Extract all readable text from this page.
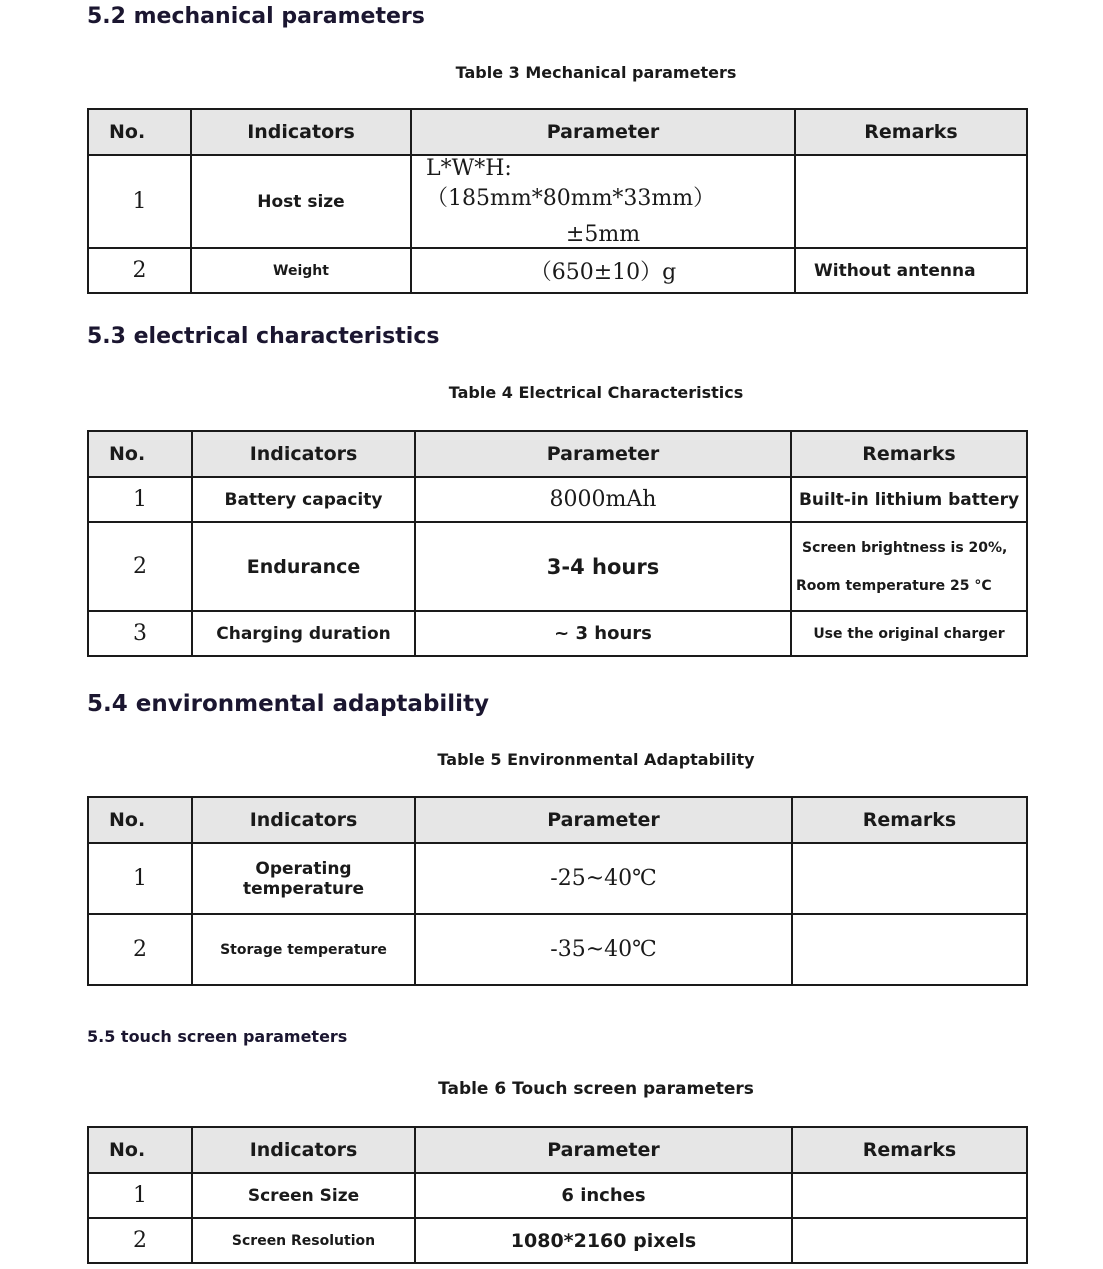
5.2 mechanical parameters
Table 3 Mechanical parameters
No.	Indicators	Parameter	Remarks
1	Host size	L*W*H: （185mm*80mm*33mm）
±5mm	

2	Weight	（650±10）g	Without antenna
5.3 electrical characteristics
Table 4 Electrical Characteristics
No.	Indicators	Parameter	Remarks
1	Battery capacity	8000mAh	Built-in lithium battery
2	Endurance	3-4 hours	Screen brightness is 20%,
Room temperature 25 °C

3	Charging duration	~ 3 hours	Use the original charger
5.4 environmental adaptability
Table 5 Environmental Adaptability
No.	Indicators	Parameter	Remarks
1	Operating
temperature	-25~40℃	
2	Storage temperature	-35~40℃	
5.5 touch screen parameters
Table 6 Touch screen parameters
No.	Indicators	Parameter	Remarks
1	Screen Size	6 inches	
2	Screen Resolution	1080*2160 pixels	
